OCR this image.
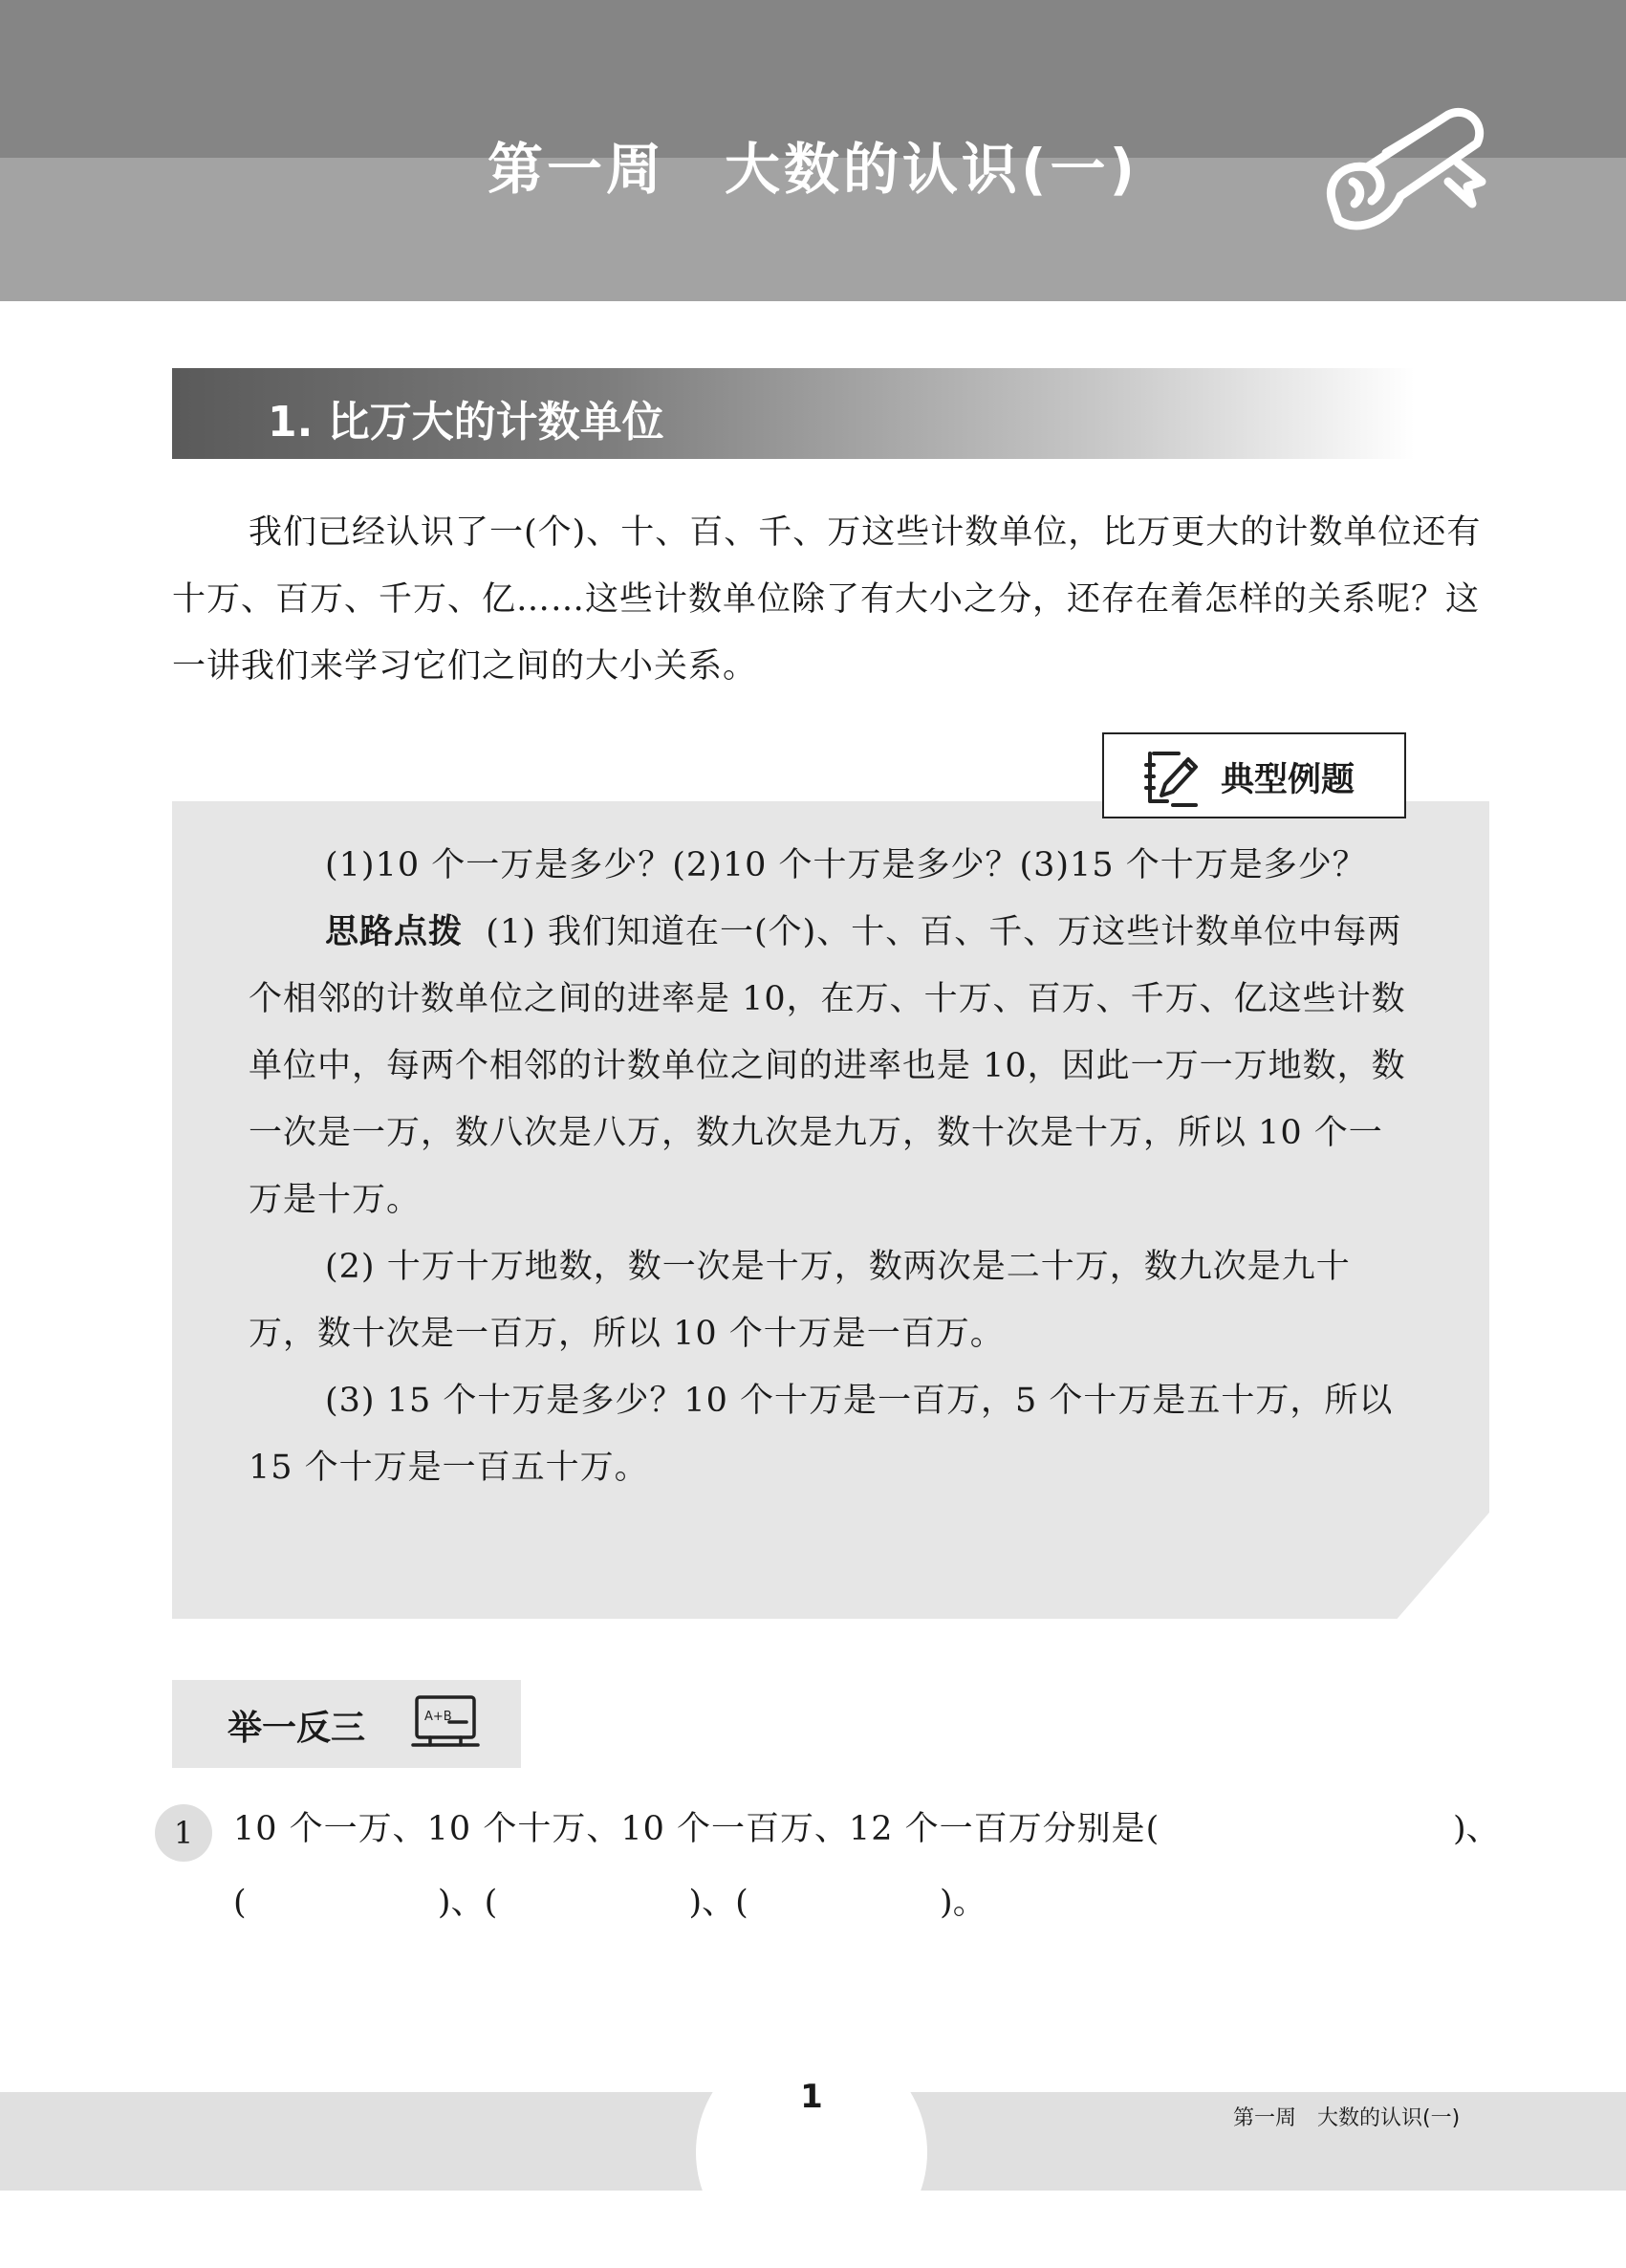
第一周　大数的认识(一)
1. 比万大的计数单位
我们已经认识了一(个)、十、百、千、万这些计数单位，比万更大的计数单位还有十万、百万、千万、亿……这些计数单位除了有大小之分，还存在着怎样的关系呢？这一讲我们来学习它们之间的大小关系。
典型例题

(1)10 个一万是多少？(2)10 个十万是多少？(3)15 个十万是多少？

思路点拨 (1) 我们知道在一(个)、十、百、千、万这些计数单位中每两个相邻的计数单位之间的进率是 10，在万、十万、百万、千万、亿这些计数单位中，每两个相邻的计数单位之间的进率也是 10，因此一万一万地数，数一次是一万，数八次是八万，数九次是九万，数十次是十万，所以 10 个一万是十万。

(2) 十万十万地数，数一次是十万，数两次是二十万，数九次是九十万，数十次是一百万，所以 10 个十万是一百万。

(3) 15 个十万是多少？10 个十万是一百万，5 个十万是五十万，所以 15 个十万是一百五十万。

举一反三	A+B
1	10 个一万、10 个十万、10 个一百万、12 个一百万分别是(	)、
(                  )、(                  )、(                  )。
1
第一周　大数的认识(一)
